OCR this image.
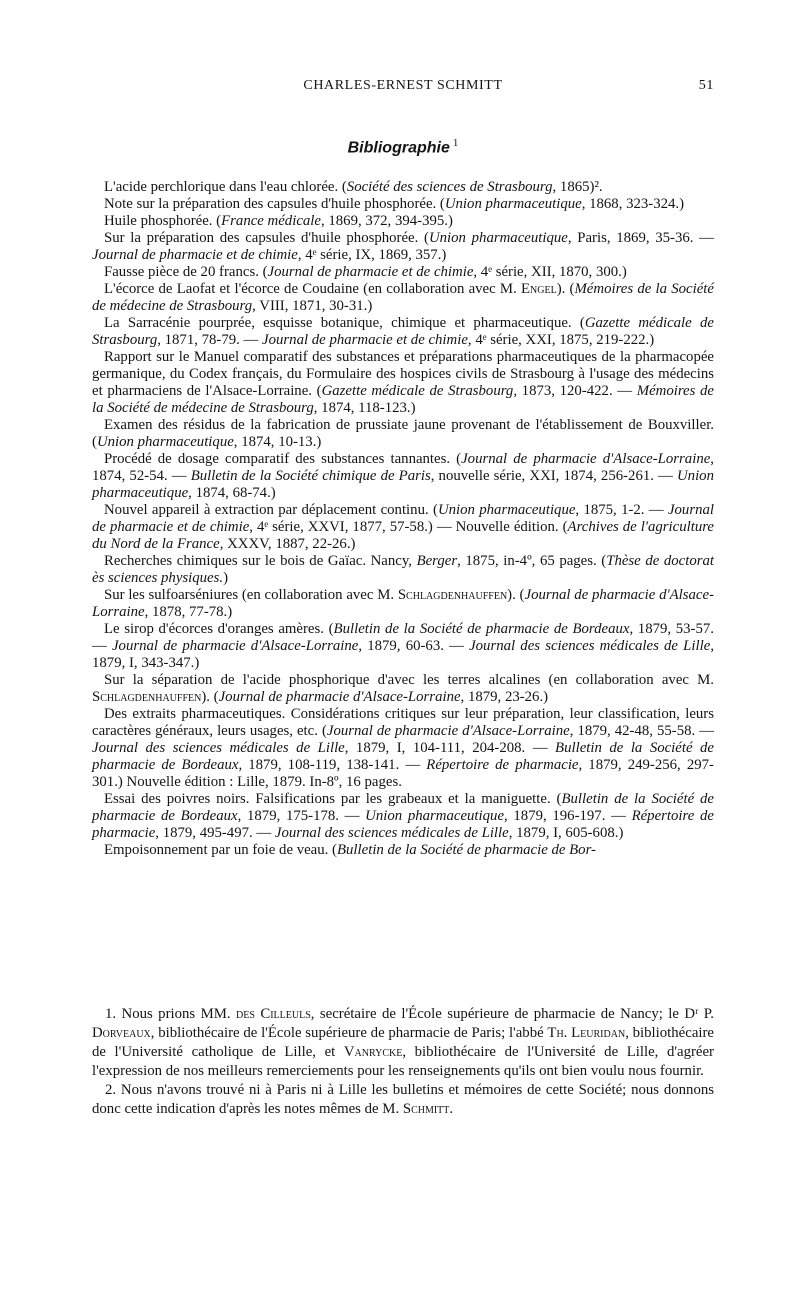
CHARLES-ERNEST SCHMITT	51
Bibliographie $^1$

L'acide perchlorique dans l'eau chlorée. (Société des sciences de Strasbourg, 1865)².

Note sur la préparation des capsules d'huile phosphorée. (Union pharmaceutique, 1868, 323-324.)

Huile phosphorée. (France médicale, 1869, 372, 394-395.)

Sur la préparation des capsules d'huile phosphorée. (Union pharmaceutique, Paris, 1869, 35-36. — Journal de pharmacie et de chimie, 4ᵉ série, IX, 1869, 357.)

Fausse pièce de 20 francs. (Journal de pharmacie et de chimie, 4ᵉ série, XII, 1870, 300.)

L'écorce de Laofat et l'écorce de Coudaine (en collaboration avec M. Engel). (Mémoires de la Société de médecine de Strasbourg, VIII, 1871, 30-31.)

La Sarracénie pourprée, esquisse botanique, chimique et pharmaceutique. (Gazette médicale de Strasbourg, 1871, 78-79. — Journal de pharmacie et de chimie, 4ᵉ série, XXI, 1875, 219-222.)

Rapport sur le Manuel comparatif des substances et préparations pharmaceutiques de la pharmacopée germanique, du Codex français, du Formulaire des hospices civils de Strasbourg à l'usage des médecins et pharmaciens de l'Alsace-Lorraine. (Gazette médicale de Strasbourg, 1873, 120-422. — Mémoires de la Société de médecine de Strasbourg, 1874, 118-123.)

Examen des résidus de la fabrication de prussiate jaune provenant de l'établissement de Bouxviller. (Union pharmaceutique, 1874, 10-13.)

Procédé de dosage comparatif des substances tannantes. (Journal de pharmacie d'Alsace-Lorraine, 1874, 52-54. — Bulletin de la Société chimique de Paris, nouvelle série, XXI, 1874, 256-261. — Union pharmaceutique, 1874, 68-74.)

Nouvel appareil à extraction par déplacement continu. (Union pharmaceutique, 1875, 1-2. — Journal de pharmacie et de chimie, 4ᵉ série, XXVI, 1877, 57-58.) — Nouvelle édition. (Archives de l'agriculture du Nord de la France, XXXV, 1887, 22-26.)

Recherches chimiques sur le bois de Gaïac. Nancy, Berger, 1875, in-4º, 65 pages. (Thèse de doctorat ès sciences physiques.)

Sur les sulfoarséniures (en collaboration avec M. Schlagdenhauffen). (Journal de pharmacie d'Alsace-Lorraine, 1878, 77-78.)

Le sirop d'écorces d'oranges amères. (Bulletin de la Société de pharmacie de Bordeaux, 1879, 53-57. — Journal de pharmacie d'Alsace-Lorraine, 1879, 60-63. — Journal des sciences médicales de Lille, 1879, I, 343-347.)

Sur la séparation de l'acide phosphorique d'avec les terres alcalines (en collaboration avec M. Schlagdenhauffen). (Journal de pharmacie d'Alsace-Lorraine, 1879, 23-26.)

Des extraits pharmaceutiques. Considérations critiques sur leur préparation, leur classification, leurs caractères généraux, leurs usages, etc. (Journal de pharmacie d'Alsace-Lorraine, 1879, 42-48, 55-58. — Journal des sciences médicales de Lille, 1879, I, 104-111, 204-208. — Bulletin de la Société de pharmacie de Bordeaux, 1879, 108-119, 138-141. — Répertoire de pharmacie, 1879, 249-256, 297-301.) Nouvelle édition : Lille, 1879. In-8º, 16 pages.

Essai des poivres noirs. Falsifications par les grabeaux et la maniguette. (Bulletin de la Société de pharmacie de Bordeaux, 1879, 175-178. — Union pharmaceutique, 1879, 196-197. — Répertoire de pharmacie, 1879, 495-497. — Journal des sciences médicales de Lille, 1879, I, 605-608.)

Empoisonnement par un foie de veau. (Bulletin de la Société de pharmacie de Bor-

1. Nous prions MM. des Cilleuls, secrétaire de l'École supérieure de pharmacie de Nancy; le Dʳ P. Dorveaux, bibliothécaire de l'École supérieure de pharmacie de Paris; l'abbé Th. Leuridan, bibliothécaire de l'Université catholique de Lille, et Vanrycke, bibliothécaire de l'Université de Lille, d'agréer l'expression de nos meilleurs remerciements pour les renseignements qu'ils ont bien voulu nous fournir.

2. Nous n'avons trouvé ni à Paris ni à Lille les bulletins et mémoires de cette Société; nous donnons donc cette indication d'après les notes mêmes de M. Schmitt.
